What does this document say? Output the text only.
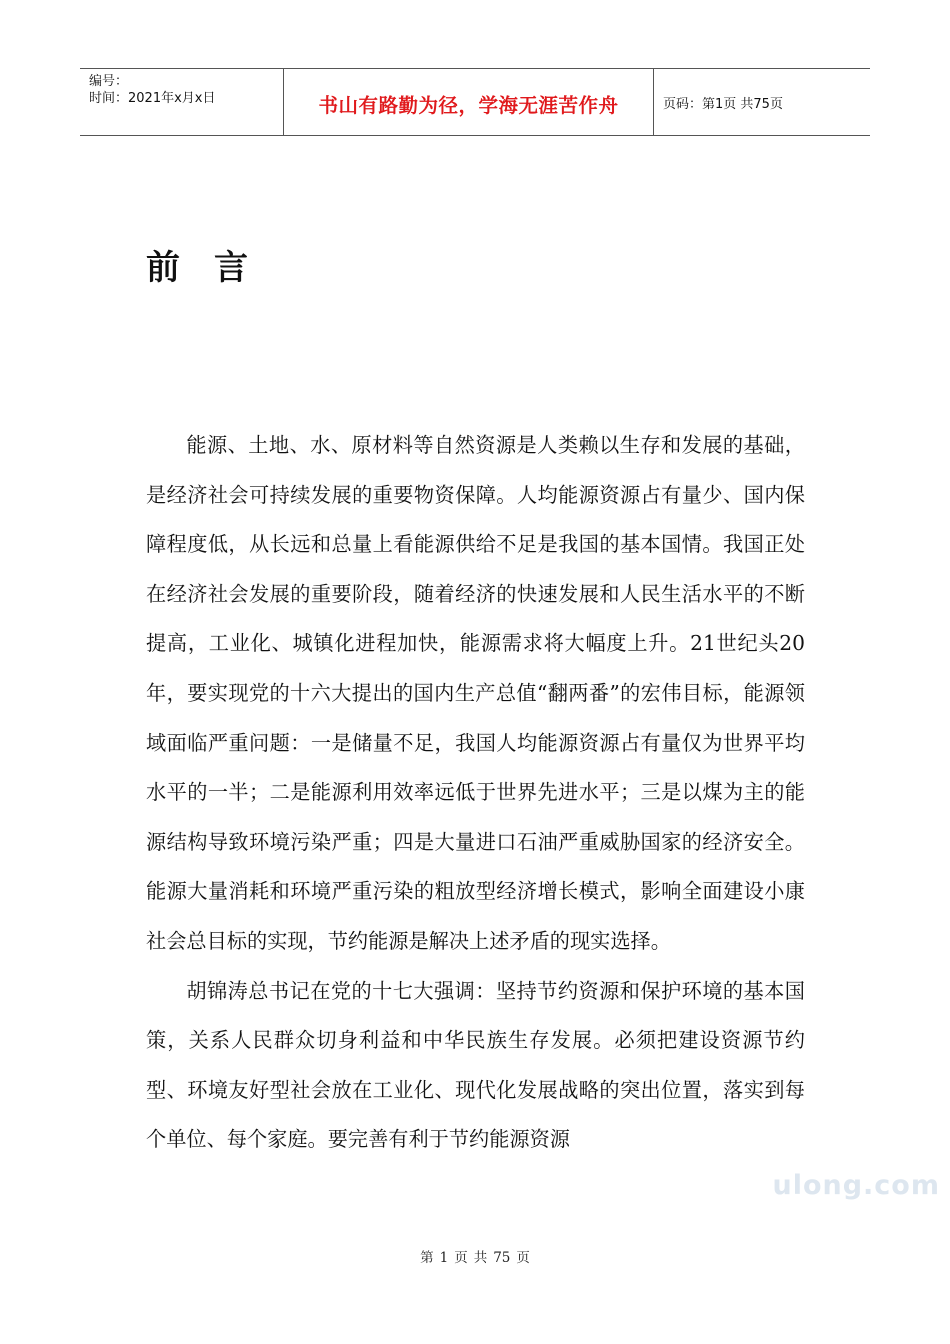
编号：
时间：2021年x月x日	书山有路勤为径，学海无涯苦作舟	页码：第1页 共75页
前 言

能源、土地、水、原材料等自然资源是人类赖以生存和发展的基础，是经济社会可持续发展的重要物资保障。人均能源资源占有量少、国内保障程度低，从长远和总量上看能源供给不足是我国的基本国情。我国正处在经济社会发展的重要阶段，随着经济的快速发展和人民生活水平的不断提高，工业化、城镇化进程加快，能源需求将大幅度上升。21世纪头20年，要实现党的十六大提出的国内生产总值“翻两番”的宏伟目标，能源领域面临严重问题：一是储量不足，我国人均能源资源占有量仅为世界平均水平的一半；二是能源利用效率远低于世界先进水平；三是以煤为主的能源结构导致环境污染严重；四是大量进口石油严重威胁国家的经济安全。能源大量消耗和环境严重污染的粗放型经济增长模式，影响全面建设小康社会总目标的实现，节约能源是解决上述矛盾的现实选择。

胡锦涛总书记在党的十七大强调：坚持节约资源和保护环境的基本国策，关系人民群众切身利益和中华民族生存发展。必须把建设资源节约型、环境友好型社会放在工业化、现代化发展战略的突出位置，落实到每个单位、每个家庭。要完善有利于节约能源资源

ulong.com
第 1 页 共 75 页
